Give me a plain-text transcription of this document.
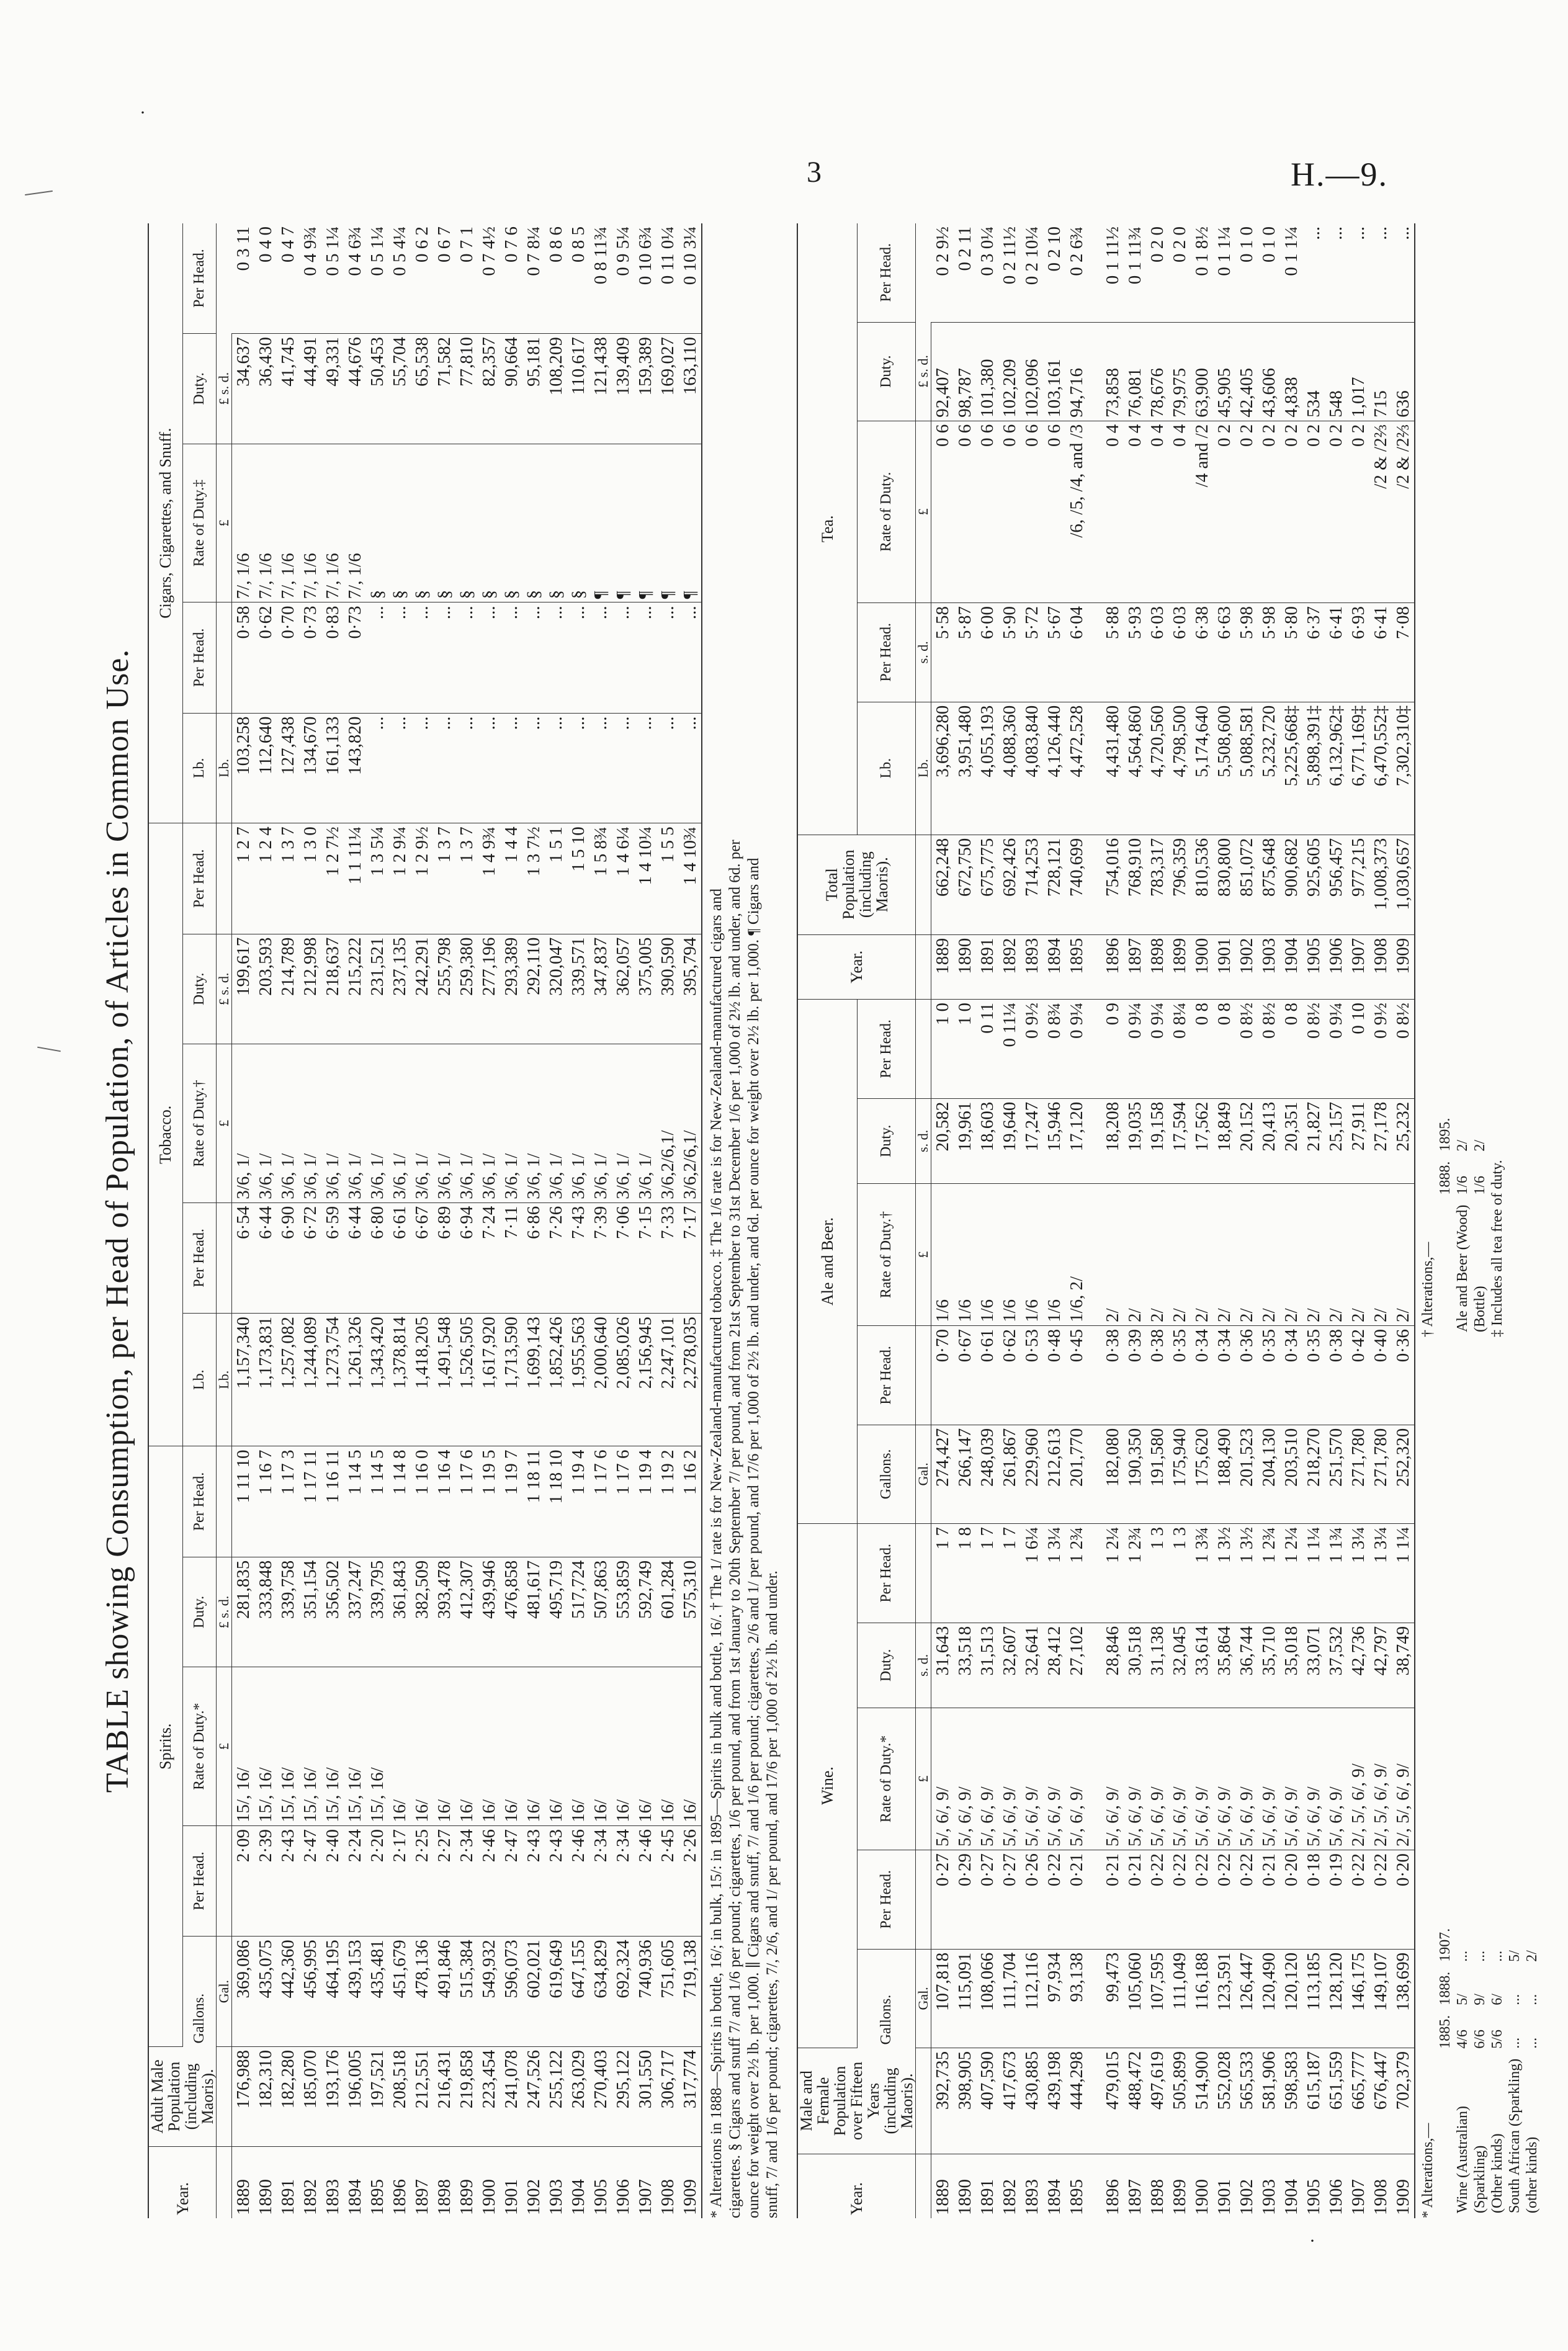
3	H.—9.
·
·
TABLE showing Consumption, per Head of Population, of Articles in Common Use.
Year.	Adult Male Population (including Maoris).	Spirits.					Tobacco.					Cigars, Cigarettes, and Snuff.				
		Gallons.	Per Head.	Rate of Duty.*	Duty.	Per Head.	Lb.	Per Head.	Rate of Duty.†	Duty.	Per Head.	Lb.	Per Head.	Rate of Duty.‡	Duty.	Per Head.
		Gal.		£	£ s. d.		Lb.		£	£ s. d.		Lb.		£	£ s. d.	
1889	176,988	369,086	2·09	15/, 16/	281,835	1 11 10	1,157,340	6·54	3/6, 1/	199,617	1 2 7	103,258	0·58	7/, 1/6	34,637	0 3 11
1890	182,310	435,075	2·39	15/, 16/	333,848	1 16 7	1,173,831	6·44	3/6, 1/	203,593	1 2 4	112,640	0·62	7/, 1/6	36,430	0 4 0
1891	182,280	442,360	2·43	15/, 16/	339,758	1 17 3	1,257,082	6·90	3/6, 1/	214,789	1 3 7	127,438	0·70	7/, 1/6	41,745	0 4 7
1892	185,070	456,995	2·47	15/, 16/	351,154	1 17 11	1,244,089	6·72	3/6, 1/	212,998	1 3 0	134,670	0·73	7/, 1/6	44,491	0 4 9¾
1893	193,176	464,195	2·40	15/, 16/	356,502	1 16 11	1,273,754	6·59	3/6, 1/	218,637	1 2 7½	161,133	0·83	7/, 1/6	49,331	0 5 1¼
1894	196,005	439,153	2·24	15/, 16/	337,247	1 14 5	1,261,326	6·44	3/6, 1/	215,222	1 1 11¼	143,820	0·73	7/, 1/6	44,676	0 4 6¾
1895	197,521	435,481	2·20	15/, 16/	339,795	1 14 5	1,343,420	6·80	3/6, 1/	231,521	1 3 5¼	...	...	§	50,453	0 5 1¼
1896	208,518	451,679	2·17	16/	361,843	1 14 8	1,378,814	6·61	3/6, 1/	237,135	1 2 9¼	...	...	§	55,704	0 5 4¼
1897	212,551	478,136	2·25	16/	382,509	1 16 0	1,418,205	6·67	3/6, 1/	242,291	1 2 9½	...	...	§	65,538	0 6 2
1898	216,431	491,846	2·27	16/	393,478	1 16 4	1,491,548	6·89	3/6, 1/	255,798	1 3 7	...	...	§	71,582	0 6 7
1899	219,858	515,384	2·34	16/	412,307	1 17 6	1,526,505	6·94	3/6, 1/	259,380	1 3 7	...	...	§	77,810	0 7 1
1900	223,454	549,932	2·46	16/	439,946	1 19 5	1,617,920	7·24	3/6, 1/	277,196	1 4 9¾	...	...	§	82,357	0 7 4½
1901	241,078	596,073	2·47	16/	476,858	1 19 7	1,713,590	7·11	3/6, 1/	293,389	1 4 4	...	...	§	90,664	0 7 6
1902	247,526	602,021	2·43	16/	481,617	1 18 11	1,699,143	6·86	3/6, 1/	292,110	1 3 7½	...	...	§	95,181	0 7 8¼
1903	255,122	619,649	2·43	16/	495,719	1 18 10	1,852,426	7·26	3/6, 1/	320,047	1 5 1	...	...	§	108,209	0 8 6
1904	263,029	647,155	2·46	16/	517,724	1 19 4	1,955,563	7·43	3/6, 1/	339,571	1 5 10	...	...	§	110,617	0 8 5
1905	270,403	634,829	2·34	16/	507,863	1 17 6	2,000,640	7·39	3/6, 1/	347,837	1 5 8¾	...	...	¶	121,438	0 8 11¾
1906	295,122	692,324	2·34	16/	553,859	1 17 6	2,085,026	7·06	3/6, 1/	362,057	1 4 6¼	...	...	¶	139,409	0 9 5¼
1907	301,550	740,936	2·46	16/	592,749	1 19 4	2,156,945	7·15	3/6, 1/	375,005	1 4 10¼	...	...	¶	159,389	0 10 6¾
1908	306,717	751,605	2·45	16/	601,284	1 19 2	2,247,101	7·33	3/6,2/6,1/	390,590	1 5 5	...	...	¶	169,027	0 11 0¼
1909	317,774	719,138	2·26	16/	575,310	1 16 2	2,278,035	7·17	3/6,2/6,1/	395,794	1 4 10¾	...	...	¶	163,110	0 10 3¼

* Alterations in 1888—Spirits in bottle, 16/; in bulk, 15/: in 1895—Spirits in bulk and bottle, 16/. † The 1/ rate is for New-Zealand-manufactured tobacco. ‡ The 1/6 rate is for New-Zealand-manufactured cigars and cigarettes. § Cigars and snuff 7/ and 1/6 per pound; cigarettes, 1/6 per pound, and from 1st January to 20th September 7/ per pound, and from 21st September to 31st December 1/6 per 1,000 of 2½ lb. and under, and 6d. per ounce for weight over 2½ lb. per 1,000. ∥ Cigars and snuff, 7/ and 1/6 per pound; cigarettes, 2/6 and 1/ per pound, and 17/6 per 1,000 of 2½ lb. and under, and 6d. per ounce for weight over 2½ lb. per 1,000. ¶ Cigars and snuff, 7/ and 1/6 per pound; cigarettes, 7/, 2/6, and 1/ per pound, and 17/6 per 1,000 of 2½ lb. and under.	Year.	Male and Female Population over Fifteen Years (including Maoris).	Wine.					Ale and Beer.					Year.	Total Population (including Maoris).	Tea.				
		Gallons.	Per Head.	Rate of Duty.*	Duty.	Per Head.	Gallons.	Per Head.	Rate of Duty.†	Duty.	Per Head.			Lb.	Per Head.	Rate of Duty.	Duty.	Per Head.
		Gal.		£	s. d.		Gal.		£	s. d.				Lb.	s. d.	£	£ s. d.	
1889	392,735	107,818	0·27	5/, 6/, 9/	31,643	1 7	274,427	0·70	1/6	20,582	1 0	1889	662,248	3,696,280	5·58	0 6	92,407	0 2 9½
1890	398,905	115,091	0·29	5/, 6/, 9/	33,518	1 8	266,147	0·67	1/6	19,961	1 0	1890	672,750	3,951,480	5·87	0 6	98,787	0 2 11
1891	407,590	108,066	0·27	5/, 6/, 9/	31,513	1 7	248,039	0·61	1/6	18,603	0 11	1891	675,775	4,055,193	6·00	0 6	101,380	0 3 0¼
1892	417,673	111,704	0·27	5/, 6/, 9/	32,607	1 7	261,867	0·62	1/6	19,640	0 11¼	1892	692,426	4,088,360	5·90	0 6	102,209	0 2 11½
1893	430,885	112,116	0·26	5/, 6/, 9/	32,641	1 6¼	229,960	0·53	1/6	17,247	0 9½	1893	714,253	4,083,840	5·72	0 6	102,096	0 2 10¼
1894	439,198	97,934	0·22	5/, 6/, 9/	28,412	1 3¼	212,613	0·48	1/6	15,946	0 8¾	1894	728,121	4,126,440	5·67	0 6	103,161	0 2 10
1895	444,298	93,138	0·21	5/, 6/, 9/	27,102	1 2¾	201,770	0·45	1/6, 2/	17,120	0 9¼	1895	740,699	4,472,528	6·04	/6, /5, /4, and /3	94,716	0 2 6¾

1896	479,015	99,473	0·21	5/, 6/, 9/	28,846	1 2¼	182,080	0·38	2/	18,208	0 9	1896	754,016	4,431,480	5·88	0 4	73,858	0 1 11½
1897	488,472	105,060	0·21	5/, 6/, 9/	30,518	1 2¾	190,350	0·39	2/	19,035	0 9¼	1897	768,910	4,564,860	5·93	0 4	76,081	0 1 11¾
1898	497,619	107,595	0·22	5/, 6/, 9/	31,138	1 3	191,580	0·38	2/	19,158	0 9¼	1898	783,317	4,720,560	6·03	0 4	78,676	0 2 0
1899	505,899	111,049	0·22	5/, 6/, 9/	32,045	1 3	175,940	0·35	2/	17,594	0 8¼	1899	796,359	4,798,500	6·03	0 4	79,975	0 2 0
1900	514,900	116,188	0·22	5/, 6/, 9/	33,614	1 3¾	175,620	0·34	2/	17,562	0 8	1900	810,536	5,174,640	6·38	/4 and /2	63,900	0 1 8½
1901	552,028	123,591	0·22	5/, 6/, 9/	35,864	1 3½	188,490	0·34	2/	18,849	0 8	1901	830,800	5,508,600	6·63	0 2	45,905	0 1 1¼
1902	565,533	126,447	0·22	5/, 6/, 9/	36,744	1 3½	201,523	0·36	2/	20,152	0 8½	1902	851,072	5,088,581	5·98	0 2	42,405	0 1 0
1903	581,906	120,490	0·21	5/, 6/, 9/	35,710	1 2¾	204,130	0·35	2/	20,413	0 8½	1903	875,648	5,232,720	5·98	0 2	43,606	0 1 0
1904	598,583	120,120	0·20	5/, 6/, 9/	35,018	1 2¼	203,510	0·34	2/	20,351	0 8	1904	900,682	5,225,668‡	5·80	0 2	4,838	0 1 1¼
1905	615,187	113,185	0·18	5/, 6/, 9/	33,071	1 1¼	218,270	0·35	2/	21,827	0 8½	1905	925,605	5,898,391‡	6·37	0 2	534	...
1906	651,559	128,120	0·19	5/, 6/, 9/	37,532	1 1¾	251,570	0·38	2/	25,157	0 9¼	1906	956,457	6,132,962‡	6·41	0 2	548	...
1907	665,777	146,175	0·22	2/, 5/, 6/, 9/	42,736	1 3¼	271,780	0·42	2/	27,911	0 10	1907	977,215	6,771,169‡	6·93	0 2	1,017	...
1908	676,447	149,107	0·22	2/, 5/, 6/, 9/	42,797	1 3¼	271,780	0·40	2/	27,178	0 9½	1908	1,008,373	6,470,552‡	6·41	/2 & /2⅔	715	...
1909	702,379	138,699	0·20	2/, 5/, 6/, 9/	38,749	1 1¼	252,320	0·36	2/	25,232	0 8½	1909	1,030,657	7,302,310‡	7·08	/2 & /2⅔	636	...
* Alterations,—
	1885.	1888.	1907.
Wine (Australian)	4/6	5/	...
(Sparkling)	6/6	9/	...
(Other kinds)	5/6	6/	...
South African (Sparkling)	...	...	5/
(other kinds)	...	...	2/
† Alterations,—
	1888.	1895.
Ale and Beer (Wood)	1/6	2/
(Bottle)	1/6	2/
‡ Includes all tea free of duty.
